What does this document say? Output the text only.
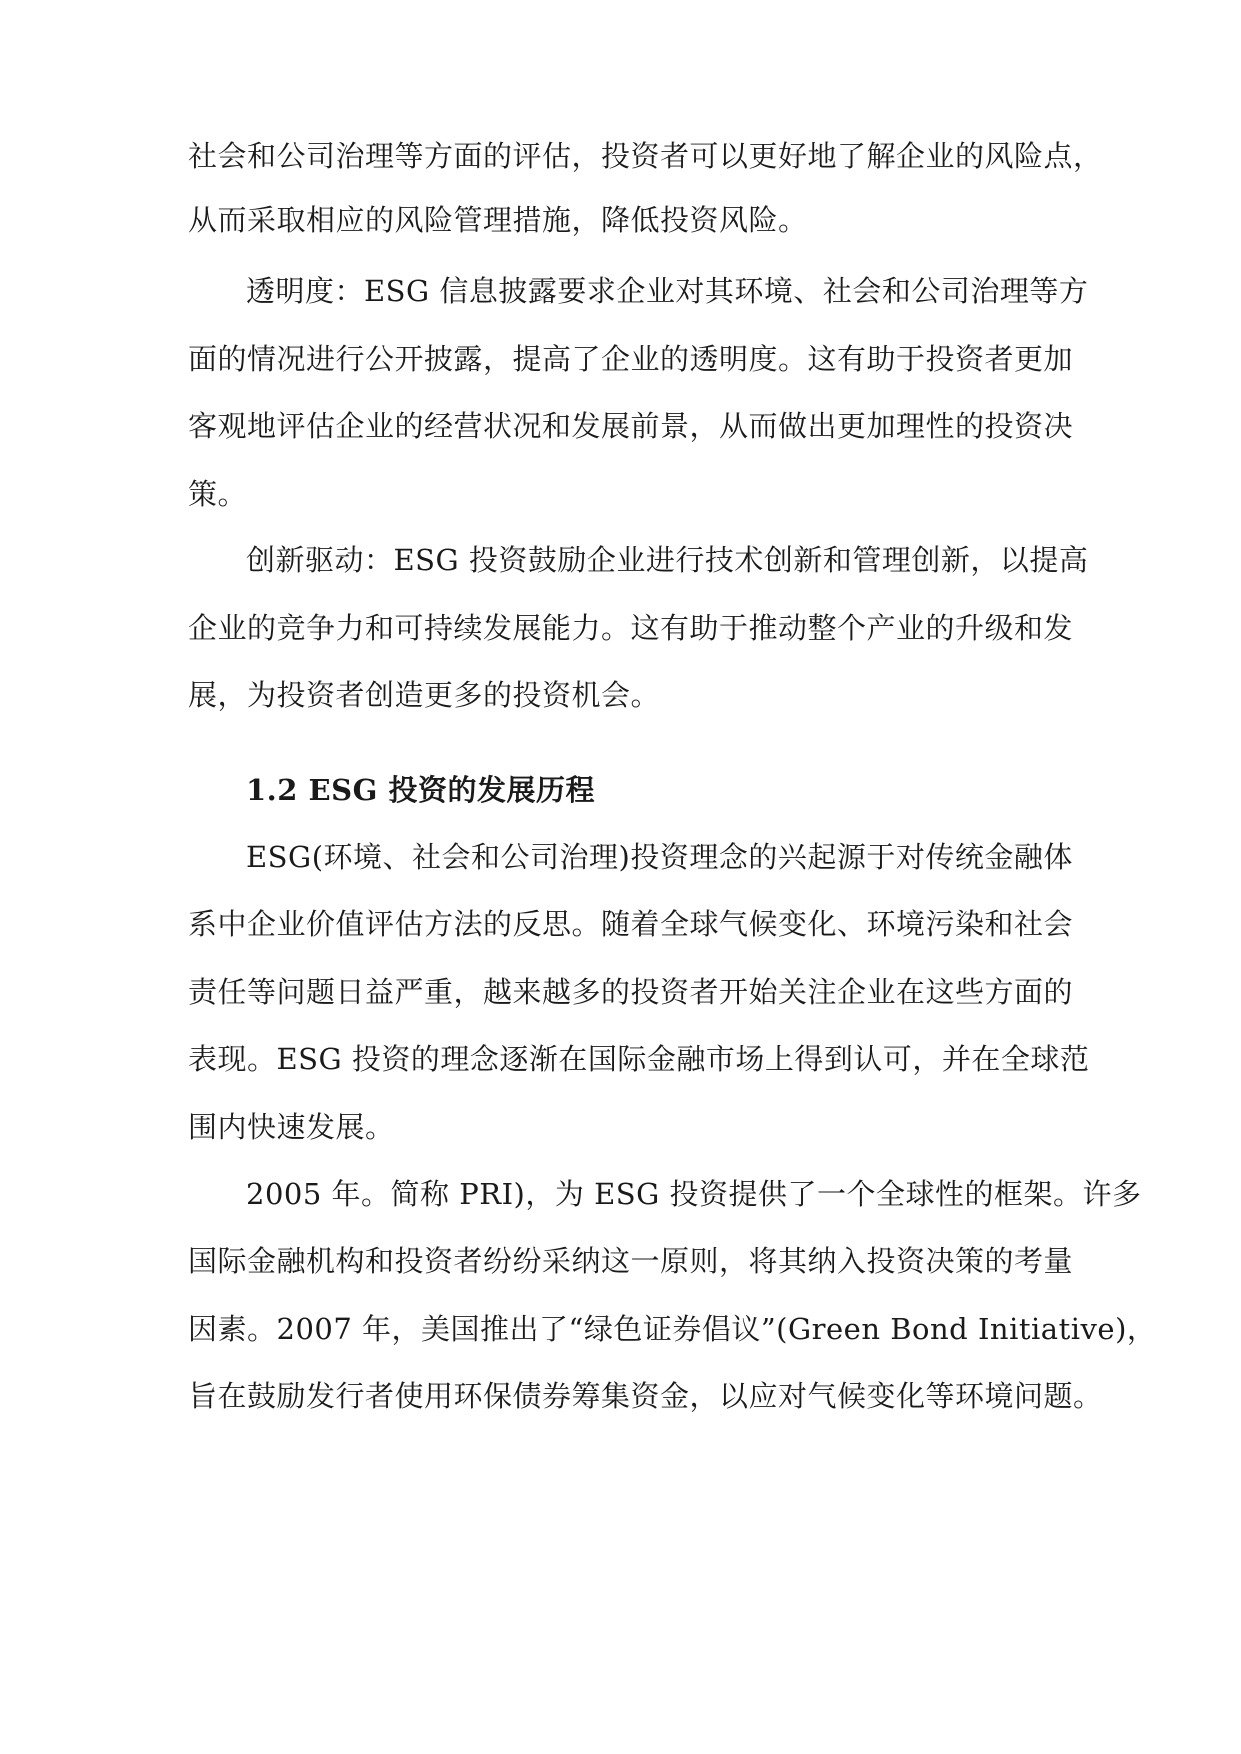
社会和公司治理等方面的评估，投资者可以更好地了解企业的风险点，
从而采取相应的风险管理措施，降低投资风险。
透明度：ESG 信息披露要求企业对其环境、社会和公司治理等方
面的情况进行公开披露，提高了企业的透明度。这有助于投资者更加
客观地评估企业的经营状况和发展前景，从而做出更加理性的投资决
策。
创新驱动：ESG 投资鼓励企业进行技术创新和管理创新，以提高
企业的竞争力和可持续发展能力。这有助于推动整个产业的升级和发
展，为投资者创造更多的投资机会。
1.2 ESG 投资的发展历程
ESG(环境、社会和公司治理)投资理念的兴起源于对传统金融体
系中企业价值评估方法的反思。随着全球气候变化、环境污染和社会
责任等问题日益严重，越来越多的投资者开始关注企业在这些方面的
表现。ESG 投资的理念逐渐在国际金融市场上得到认可，并在全球范
围内快速发展。
2005 年。简称 PRI)，为 ESG 投资提供了一个全球性的框架。许多
国际金融机构和投资者纷纷采纳这一原则，将其纳入投资决策的考量
因素。2007 年，美国推出了“绿色证券倡议”(Green Bond Initiative)，
旨在鼓励发行者使用环保债券筹集资金，以应对气候变化等环境问题。
